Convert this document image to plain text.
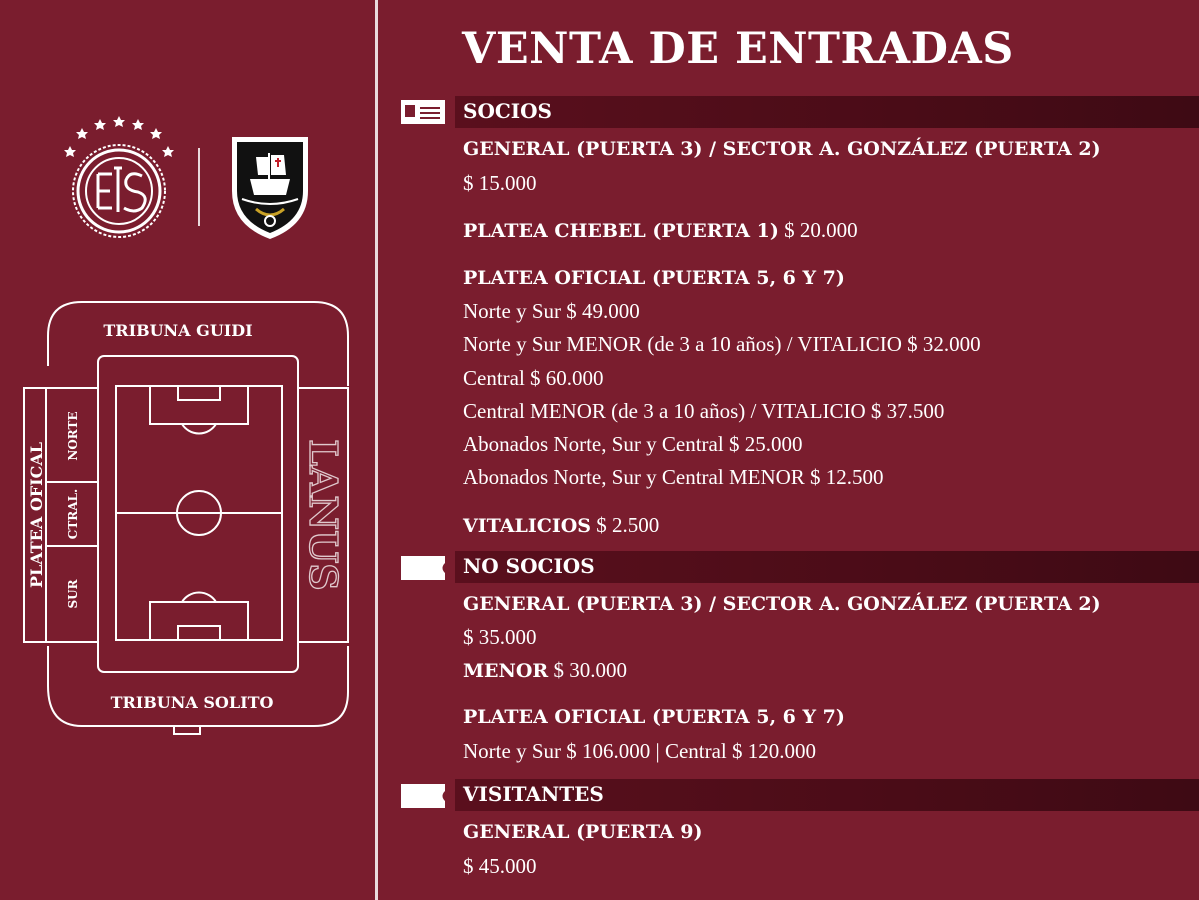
TRIBUNA GUIDI
TRIBUNA SOLITO
PLATEA OFICAL
NORTE
CTRAL.
SUR
LANUS
VENTA DE ENTRADAS
SOCIOS
GENERAL (PUERTA 3) / SECTOR A. GONZÁLEZ (PUERTA 2)
$ 15.000
PLATEA CHEBEL (PUERTA 1) $ 20.000
PLATEA OFICIAL (PUERTA 5, 6 Y 7)
Norte y Sur $ 49.000
Norte y Sur MENOR (de 3 a 10 años) / VITALICIO $ 32.000
Central $ 60.000
Central MENOR (de 3 a 10 años) / VITALICIO $ 37.500
Abonados Norte, Sur y Central $ 25.000
Abonados Norte, Sur y Central MENOR $ 12.500
VITALICIOS $ 2.500
NO SOCIOS
GENERAL (PUERTA 3) / SECTOR A. GONZÁLEZ (PUERTA 2)
$ 35.000
MENOR $ 30.000
PLATEA OFICIAL (PUERTA 5, 6 Y 7)
Norte y Sur $ 106.000 | Central $ 120.000
VISITANTES
GENERAL (PUERTA 9)
$ 45.000
